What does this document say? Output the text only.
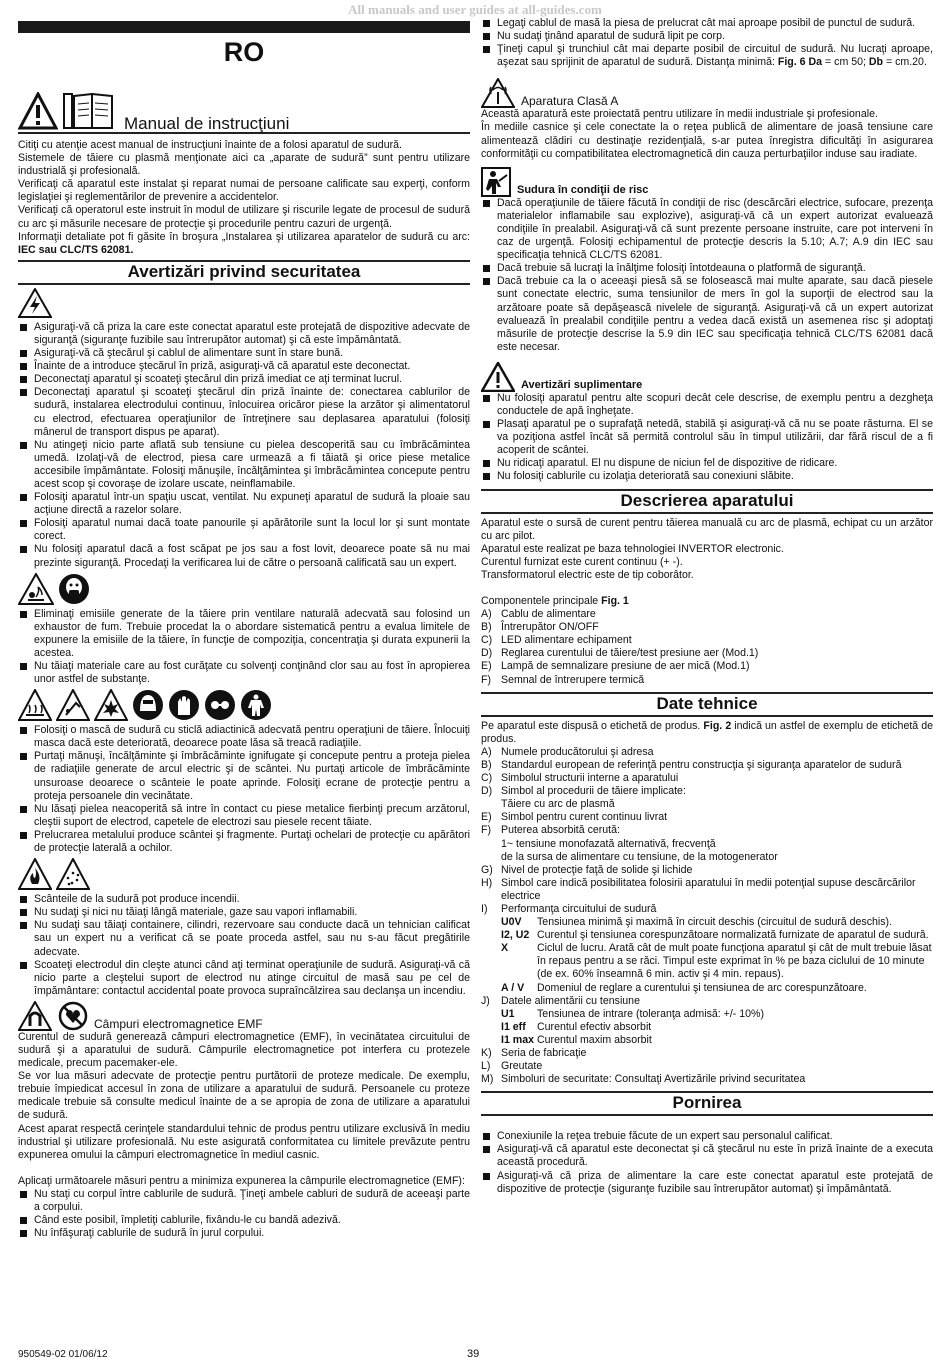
All manuals and user guides at all-guides.com
RO
Manual de instrucţiuni

Citiţi cu atenţie acest manual de instrucţiuni înainte de a folosi aparatul de sudură.

Sistemele de tăiere cu plasmă menţionate aici ca „aparate de sudură” sunt pentru utilizare industrială şi profesională.

Verificaţi că aparatul este instalat şi reparat numai de persoane calificate sau experţi, conform legislaţiei şi reglementărilor de prevenire a accidentelor.

Verificaţi că operatorul este instruit în modul de utilizare şi riscurile legate de procesul de sudură cu arc şi măsurile necesare de protecţie şi procedurile pentru cazuri de urgenţă.

Informaţii detaliate pot fi găsite în broşura „Instalarea şi utilizarea aparatelor de sudură cu arc: IEC sau CLC/TS 62081.

Avertizări privind securitatea
Asiguraţi-vă că priza la care este conectat aparatul este protejată de dispozitive adecvate de siguranţă (siguranţe fuzibile sau întrerupător automat) şi că este împământată.
Asiguraţi-vă că ştecărul şi cablul de alimentare sunt în stare bună.
Înainte de a introduce ştecărul în priză, asiguraţi-vă că aparatul este deconectat.
Deconectaţi aparatul şi scoateţi ştecărul din priză imediat ce aţi terminat lucrul.
Deconectaţi aparatul şi scoateţi ştecărul din priză înainte de: conectarea cablurilor de sudură, instalarea electrodului continuu, înlocuirea oricăror piese la arzător şi alimentatorul cu electrod, efectuarea operaţiunilor de întreţinere sau deplasarea aparatului (folosiţi mânerul de transport dispus pe aparat).
Nu atingeţi nicio parte aflată sub tensiune cu pielea descoperită sau cu îmbrăcămintea umedă. Izolaţi-vă de electrod, piesa care urmează a fi tăiată şi orice piese metalice accesibile împământate. Folosiţi mănuşile, încălţămintea şi îmbrăcămintea concepute pentru acest scop şi covoraşe de izolare uscate, neinflamabile.
Folosiţi aparatul într-un spaţiu uscat, ventilat. Nu expuneţi aparatul de sudură la ploaie sau acţiune directă a razelor solare.
Folosiţi aparatul numai dacă toate panourile şi apărătorile sunt la locul lor şi sunt montate corect.
Nu folosiţi aparatul dacă a fost scăpat pe jos sau a fost lovit, deoarece poate să nu mai prezinte siguranţă. Procedaţi la verificarea lui de către o persoană calificată sau un expert.
Eliminaţi emisiile generate de la tăiere prin ventilare naturală adecvată sau folosind un exhaustor de fum. Trebuie procedat la o abordare sistematică pentru a evalua limitele de expunere la emisiile de la tăiere, în funcţie de compoziţia, concentraţia şi durata expunerii la acestea.
Nu tăiaţi materiale care au fost curăţate cu solvenţi conţinând clor sau au fost în apropierea unor astfel de substanţe.
Folosiţi o mască de sudură cu sticlă adiactinică adecvată pentru operaţiuni de tăiere. Înlocuiţi masca dacă este deteriorată, deoarece poate lăsa să treacă radiaţiile.
Purtaţi mănuşi, încălţăminte şi îmbrăcăminte ignifugate şi concepute pentru a proteja pielea de radiaţiile generate de arcul electric şi de scântei. Nu purtaţi articole de îmbrăcăminte unsuroase deoarece o scânteie le poate aprinde. Folosiţi ecrane de protecţie pentru a proteja persoanele din vecinătate.
Nu lăsaţi pielea neacoperită să intre în contact cu piese metalice fierbinţi precum arzătorul, cleştii suport de electrod, capetele de electrozi sau piesele recent tăiate.
Prelucrarea metalului produce scântei şi fragmente. Purtaţi ochelari de protecţie cu apărători de protecţie laterală a ochilor.
Scânteile de la sudură pot produce incendii.
Nu sudaţi şi nici nu tăiaţi lângă materiale, gaze sau vapori inflamabili.
Nu sudaţi sau tăiaţi containere, cilindri, rezervoare sau conducte dacă un tehnician calificat sau un expert nu a verificat că se poate proceda astfel, sau nu s-au făcut pregătirile adecvate.
Scoateţi electrodul din cleşte atunci când aţi terminat operaţiunile de sudură. Asiguraţi-vă că nicio parte a cleştelui suport de electrod nu atinge circuitul de masă sau pe cel de împământare: contactul accidental poate provoca supraîncălzirea sau declanşa un incendiu.
Câmpuri electromagnetice EMF

Curentul de sudură generează câmpuri electromagnetice (EMF), în vecinătatea circuitului de sudură şi a aparatului de sudură. Câmpurile electromagnetice pot interfera cu protezele medicale, precum pacemaker-ele.

Se vor lua măsuri adecvate de protecţie pentru purtătorii de proteze medicale. De exemplu, trebuie împiedicat accesul în zona de utilizare a aparatului de sudură. Persoanele cu proteze medicale trebuie să consulte medicul înainte de a se apropia de zona de utilizare a aparatului de sudură.

Acest aparat respectă cerinţele standardului tehnic de produs pentru utilizare exclusivă în mediu industrial şi utilizare profesională. Nu este asigurată conformitatea cu limitele prevăzute pentru expunerea omului la câmpuri electromagnetice în mediul casnic.

Aplicaţi următoarele măsuri pentru a minimiza expunerea la câmpurile electromagnetice (EMF):

Nu staţi cu corpul între cablurile de sudură. Ţineţi ambele cabluri de sudură de aceeaşi parte a corpului.
Când este posibil, împletiţi cablurile, fixându-le cu bandă adezivă.
Nu înfăşuraţi cablurile de sudură în jurul corpului.
Legaţi cablul de masă la piesa de prelucrat cât mai aproape posibil de punctul de sudură.
Nu sudaţi ţinând aparatul de sudură lipit pe corp.
Ţineţi capul şi trunchiul cât mai departe posibil de circuitul de sudură. Nu lucraţi aproape, aşezat sau sprijinit de aparatul de sudură. Distanţa minimă: Fig. 6 Da = cm 50; Db = cm.20.
Aparatura Clasă A

Această aparatură este proiectată pentru utilizare în medii industriale şi profesionale.

În mediile casnice şi cele conectate la o reţea publică de alimentare de joasă tensiune care alimentează clădiri cu destinaţie rezidenţială, s-ar putea înregistra dificultăţi în asigurarea conformităţii cu compatibilitatea electromagnetică din cauza perturbaţiilor induse sau iradiate.

Sudura în condiţii de risc
Dacă operaţiunile de tăiere făcută în condiţii de risc (descărcări electrice, sufocare, prezenţa materialelor inflamabile sau explozive), asiguraţi-vă că un expert autorizat evaluează condiţiile în prealabil. Asiguraţi-vă că sunt prezente persoane instruite, care pot interveni în caz de urgenţă. Folosiţi echipamentul de protecţie descris la 5.10; A.7; A.9 din IEC sau specificaţia tehnică CLC/TS 62081.
Dacă trebuie să lucraţi la înălţime folosiţi întotdeauna o platformă de siguranţă.
Dacă trebuie ca la o aceeaşi piesă să se folosească mai multe aparate, sau dacă piesele sunt conectate electric, suma tensiunilor de mers în gol la suporţii de electrod sau la arzătoare poate să depăşească nivelele de siguranţă. Asiguraţi-vă că un expert autorizat evaluează în prealabil condiţiile pentru a vedea dacă există un asemenea risc şi adoptaţi măsurile de protecţie descrise la 5.9 din IEC sau specificaţia tehnică CLC/TS 62081 dacă este necesar.
Avertizări suplimentare
Nu folosiţi aparatul pentru alte scopuri decât cele descrise, de exemplu pentru a dezgheţa conductele de apă îngheţate.
Plasaţi aparatul pe o suprafaţă netedă, stabilă şi asiguraţi-vă că nu se poate răsturna. El se va poziţiona astfel încât să permită controlul său în timpul utilizării, dar fără riscul de a fi acoperit de scântei.
Nu ridicaţi aparatul. El nu dispune de niciun fel de dispozitive de ridicare.
Nu folosiţi cablurile cu izolaţia deteriorată sau conexiuni slăbite.
Descrierea aparatului

Aparatul este o sursă de curent pentru tăierea manuală cu arc de plasmă, echipat cu un arzător cu arc pilot.

Aparatul este realizat pe baza tehnologiei INVERTOR electronic.

Curentul furnizat este curent continuu (+ -).

Transformatorul electric este de tip coborâtor.

Componentele principale Fig. 1

A) Cablu de alimentare
B) Întrerupător ON/OFF
C) LED alimentare echipament
D) Reglarea curentului de tăiere/test presiune aer (Mod.1)
E) Lampă de semnalizare presiune de aer mică (Mod.1)
F) Semnal de întrerupere termică
Date tehnice

Pe aparatul este dispusă o etichetă de produs. Fig. 2 indică un astfel de exemplu de etichetă de produs.

A) Numele producătorului şi adresa
B) Standardul european de referinţă pentru construcţia şi siguranţa aparatelor de sudură
C) Simbolul structurii interne a aparatului
D) Simbol al procedurii de tăiere implicate:
Tăiere cu arc de plasmă
E) Simbol pentru curent continuu livrat
F) Puterea absorbită cerută:
1~ tensiune monofazată alternativă, frecvenţă
de la sursa de alimentare cu tensiune, de la motogenerator
G) Nivel de protecţie faţă de solide şi lichide
H) Simbol care indică posibilitatea folosirii aparatului în medii potenţial supuse descărcărilor electrice
I)	Performanţa circuitului de sudură
U0V	Tensiunea minimă şi maximă în circuit deschis (circuitul de sudură deschis).
I2, U2 Curentul şi tensiunea corespunzătoare normalizată furnizate de aparatul de sudură.
X	Ciclul de lucru. Arată cât de mult poate funcţiona aparatul şi cât de mult trebuie lăsat în repaus pentru a se răci. Timpul este exprimat în % pe baza ciclului de 10 minute (de ex. 60% înseamnă 6 min. activ şi 4 min. repaus).
A / V	Domeniul de reglare a curentului şi tensiunea de arc corespunzătoare.
J)	Datele alimentării cu tensiune
U1	Tensiunea de intrare (toleranţa admisă: +/- 10%)
I1 eff	Curentul efectiv absorbit
I1 max Curentul maxim absorbit
K) Seria de fabricaţie
L) Greutate
M) Simboluri de securitate: Consultaţi Avertizările privind securitatea
Pornirea
Conexiunile la reţea trebuie făcute de un expert sau personalul calificat.
Asiguraţi-vă că aparatul este deconectat şi că ştecărul nu este în priză înainte de a executa această procedură.
Asiguraţi-vă că priza de alimentare la care este conectat aparatul este protejată de dispozitive de protecţie (siguranţe fuzibile sau întrerupător automat) şi împământată.
950549-02 01/06/12	39
